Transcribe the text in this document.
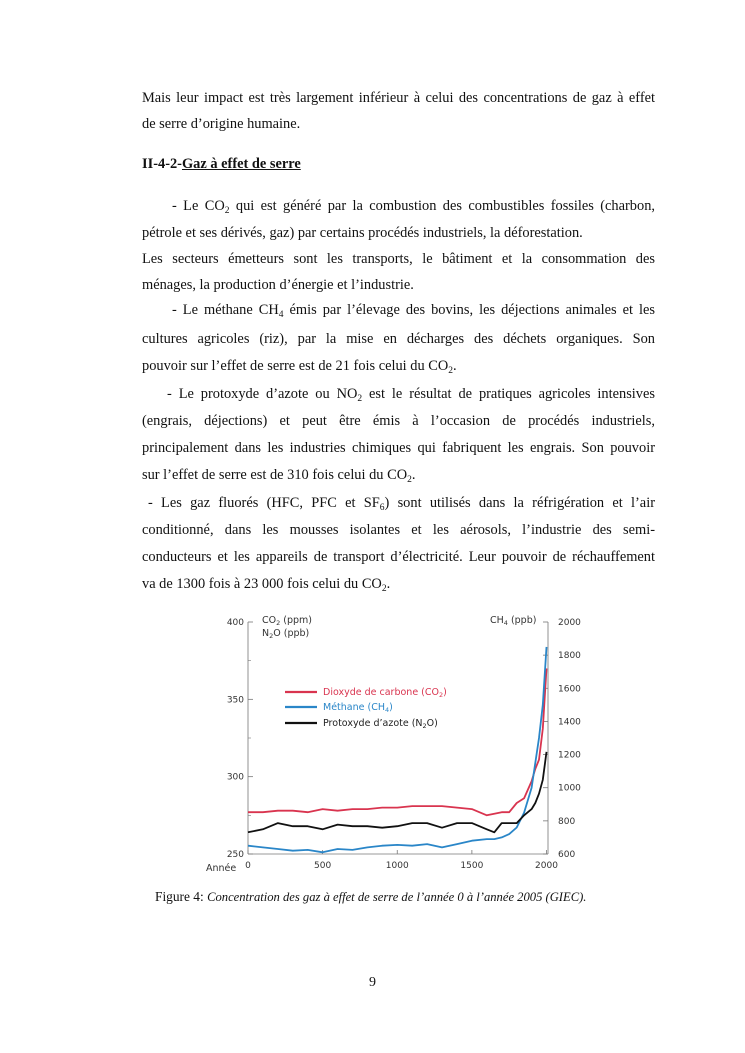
Mais leur impact est très largement inférieur à celui des concentrations de gaz à effet

de serre d’origine humaine.

II-4-2-Gaz à effet de serre

- Le $CO_2$ qui est généré par la combustion des combustibles fossiles (charbon,

pétrole et ses dérivés, gaz) par certains procédés industriels, la déforestation.

Les secteurs émetteurs sont les transports, le bâtiment et la consommation des

ménages, la production d’énergie et l’industrie.

- Le méthane $CH_4$ émis par l’élevage des bovins, les déjections animales et les

cultures agricoles (riz), par la mise en décharges des déchets organiques. Son

pouvoir sur l’effet de serre est de 21 fois celui du $CO_2$.

- Le protoxyde d’azote ou $NO_2$ est le résultat de pratiques agricoles intensives

(engrais, déjections) et peut être émis à l’occasion de procédés industriels,

principalement dans les industries chimiques qui fabriquent les engrais. Son pouvoir

sur l’effet de serre est de 310 fois celui du $CO_2$.

- Les gaz fluorés (HFC, PFC et $SF_6$) sont utilisés dans la réfrigération et l’air

conditionné, dans les mousses isolantes et les aérosols, l’industrie des semi-

conducteurs et les appareils de transport d’électricité. Leur pouvoir de réchauffement

va de 1300 fois à 23 000 fois celui du $CO_2$.

$CO_2$ (ppm)
$N_2O$ (ppb)
$CH_4$ (ppb)
250
300
350
400
600
800
1000
1200
1400
1600
1800
2000
0	500	1000	1500	2000
Année
Dioxyde de carbone $(CO_2)$
Méthane $(CH_4)$
Protoxyde d’azote $(N_2O)$
Figure 4: Concentration des gaz à effet de serre de l’année 0 à l’année 2005 (GIEC).
9
